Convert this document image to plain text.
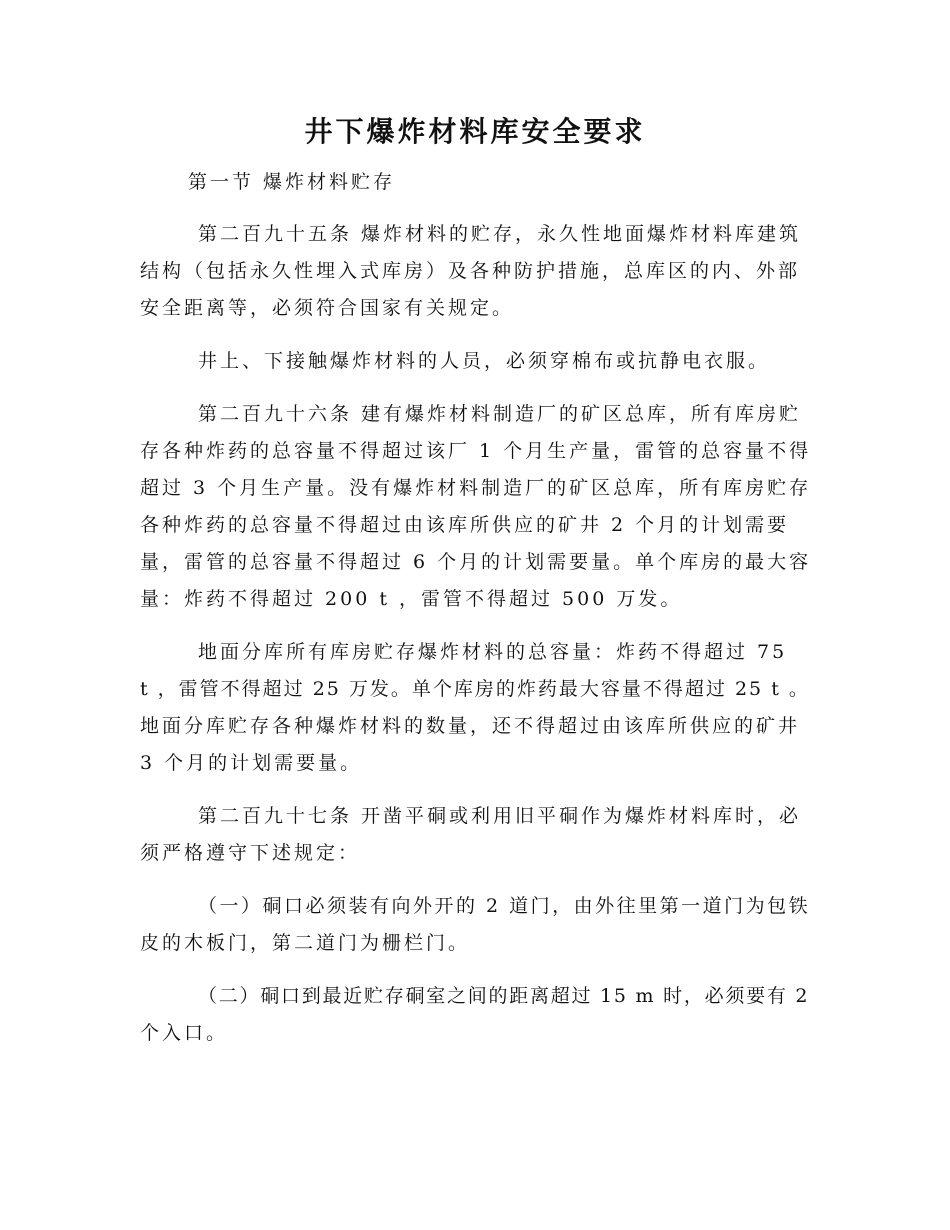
井下爆炸材料库安全要求

第一节 爆炸材料贮存

第二百九十五条 爆炸材料的贮存，永久性地面爆炸材料库建筑

结构（包括永久性埋入式库房）及各种防护措施，总库区的内、外部

安全距离等，必须符合国家有关规定。

井上、下接触爆炸材料的人员，必须穿棉布或抗静电衣服。

第二百九十六条 建有爆炸材料制造厂的矿区总库，所有库房贮

存各种炸药的总容量不得超过该厂 1 个月生产量，雷管的总容量不得

超过 3 个月生产量。没有爆炸材料制造厂的矿区总库，所有库房贮存

各种炸药的总容量不得超过由该库所供应的矿井 2 个月的计划需要

量，雷管的总容量不得超过 6 个月的计划需要量。单个库房的最大容

量：炸药不得超过 200 t ，雷管不得超过 500 万发。

地面分库所有库房贮存爆炸材料的总容量：炸药不得超过 75

t ，雷管不得超过 25 万发。单个库房的炸药最大容量不得超过 25 t 。

地面分库贮存各种爆炸材料的数量，还不得超过由该库所供应的矿井

3 个月的计划需要量。

第二百九十七条 开凿平硐或利用旧平硐作为爆炸材料库时，必

须严格遵守下述规定：

（一）硐口必须装有向外开的 2 道门，由外往里第一道门为包铁

皮的木板门，第二道门为栅栏门。

（二）硐口到最近贮存硐室之间的距离超过 15 m 时，必须要有 2

个入口。
